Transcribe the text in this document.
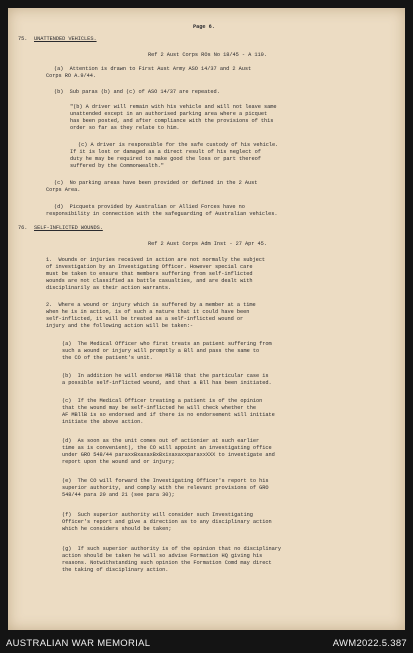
Page 6.
75. UNATTENDED VEHICLES.
Ref 2 Aust Corps ROs No 18/45 - A 110.
(a)  Attention is drawn to First Aust Army ASO 14/37 and 2 Aust
Corps RO A.9/44.
(b)  Sub paras (b) and (c) of ASO 14/37 are repeated.
"(b) A driver will remain with his vehicle and will not leave same
unattended except in an authorised parking area where a picquet
has been posted, and after compliance with the provisions of this
order so far as they relate to him.
(c) A driver is responsible for the safe custody of his vehicle.
If it is lost or damaged as a direct result of his neglect of
duty he may be required to make good the loss or part thereof
suffered by the Commonwealth."
(c)  No parking areas have been provided or defined in the 2 Aust
Corps Area.
(d)  Picquets provided by Australian or Allied Forces have no
responsibility in connection with the safeguarding of Australian vehicles.
76. SELF-INFLICTED WOUNDS.
Ref 2 Aust Corps Adm Inst - 27 Apr 45.
1.  Wounds or injuries received in action are not normally the subject
of investigation by an Investigating Officer. However special care
must be taken to ensure that members suffering from self-inflicted
wounds are not classified as battle casualties, and are dealt with
disciplinarily as their action warrants.
2.  Where a wound or injury which is suffered by a member at a time
when he is in action, is of such a nature that it could have been
self-inflicted, it will be treated as a self-inflicted wound or
injury and the following action will be taken:-
(a)  The Medical Officer who first treats an patient suffering from
such a wound or injury will promptly a Bll and pass the same to
the CO of the patient's unit.
(b)  In addition he will endorse MBllB that the particular case is
a possible self-inflicted wound, and that a Bll has been initiated.
(c)  If the Medical Officer treating a patient is of the opinion
that the wound may be self-inflicted he will check whether the
AF MBllB is so endorsed and if there is no endorsement will initiate
initiate the above action.
(d)  As soon as the unit comes out of actionier at such earlier
time as is convenient), the CO will appoint an investigating office
under GRO 548/44 paraxxBxaxaxBxBxixaxaxxparaxxXXX to investigate and
report upon the wound and or injury;
(e)  The CO will forward the Investigating Officer's report to his
superior authority, and comply with the relevant provisions of GRO
548/44 para 20 and 21 (see para 30);
(f)  Such superior authority will consider such Investigating
Officer's report and give a direction as to any disciplinary action
which he considers should be taken;
(g)  If such superior authority is of the opinion that no disciplinary
action should be taken he will so advise Formation HQ giving his
reasons. Notwithstanding such opinion the Formation Comd may direct
the taking of disciplinary action.
AUSTRALIAN WAR MEMORIAL	AWM2022.5.387
